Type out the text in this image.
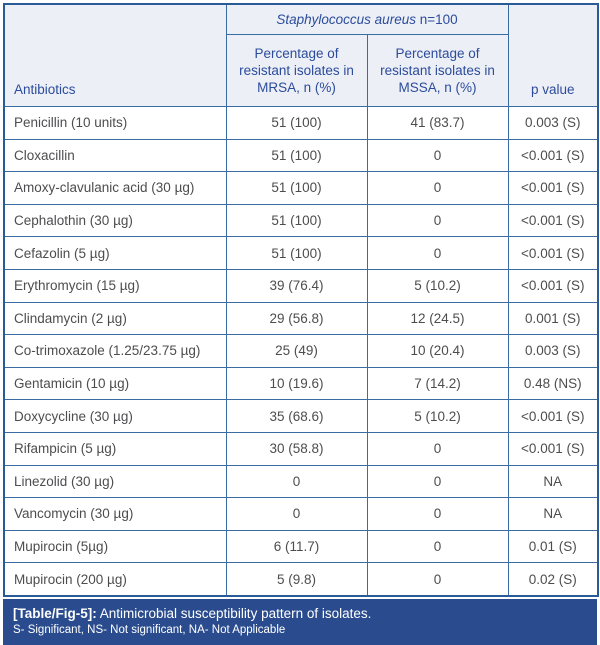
Antibiotics	Staphylococcus aureus n=100		p value
	Percentage of resistant isolates in MRSA, n (%)	Percentage of resistant isolates in MSSA, n (%)	
Penicillin (10 units)	51 (100)	41 (83.7)	0.003 (S)
Cloxacillin	51 (100)	0	<0.001 (S)
Amoxy-clavulanic acid (30 µg)	51 (100)	0	<0.001 (S)
Cephalothin (30 µg)	51 (100)	0	<0.001 (S)
Cefazolin (5 µg)	51 (100)	0	<0.001 (S)
Erythromycin (15 µg)	39 (76.4)	5 (10.2)	<0.001 (S)
Clindamycin (2 µg)	29 (56.8)	12 (24.5)	0.001 (S)
Co-trimoxazole (1.25/23.75 µg)	25 (49)	10 (20.4)	0.003 (S)
Gentamicin (10 µg)	10 (19.6)	7 (14.2)	0.48 (NS)
Doxycycline (30 µg)	35 (68.6)	5 (10.2)	<0.001 (S)
Rifampicin (5 µg)	30 (58.8)	0	<0.001 (S)
Linezolid (30 µg)	0	0	NA
Vancomycin (30 µg)	0	0	NA
Mupirocin (5µg)	6 (11.7)	0	0.01 (S)
Mupirocin (200 µg)	5 (9.8)	0	0.02 (S)
[Table/Fig-5]: Antimicrobial susceptibility pattern of isolates.
S- Significant, NS- Not significant, NA- Not Applicable
